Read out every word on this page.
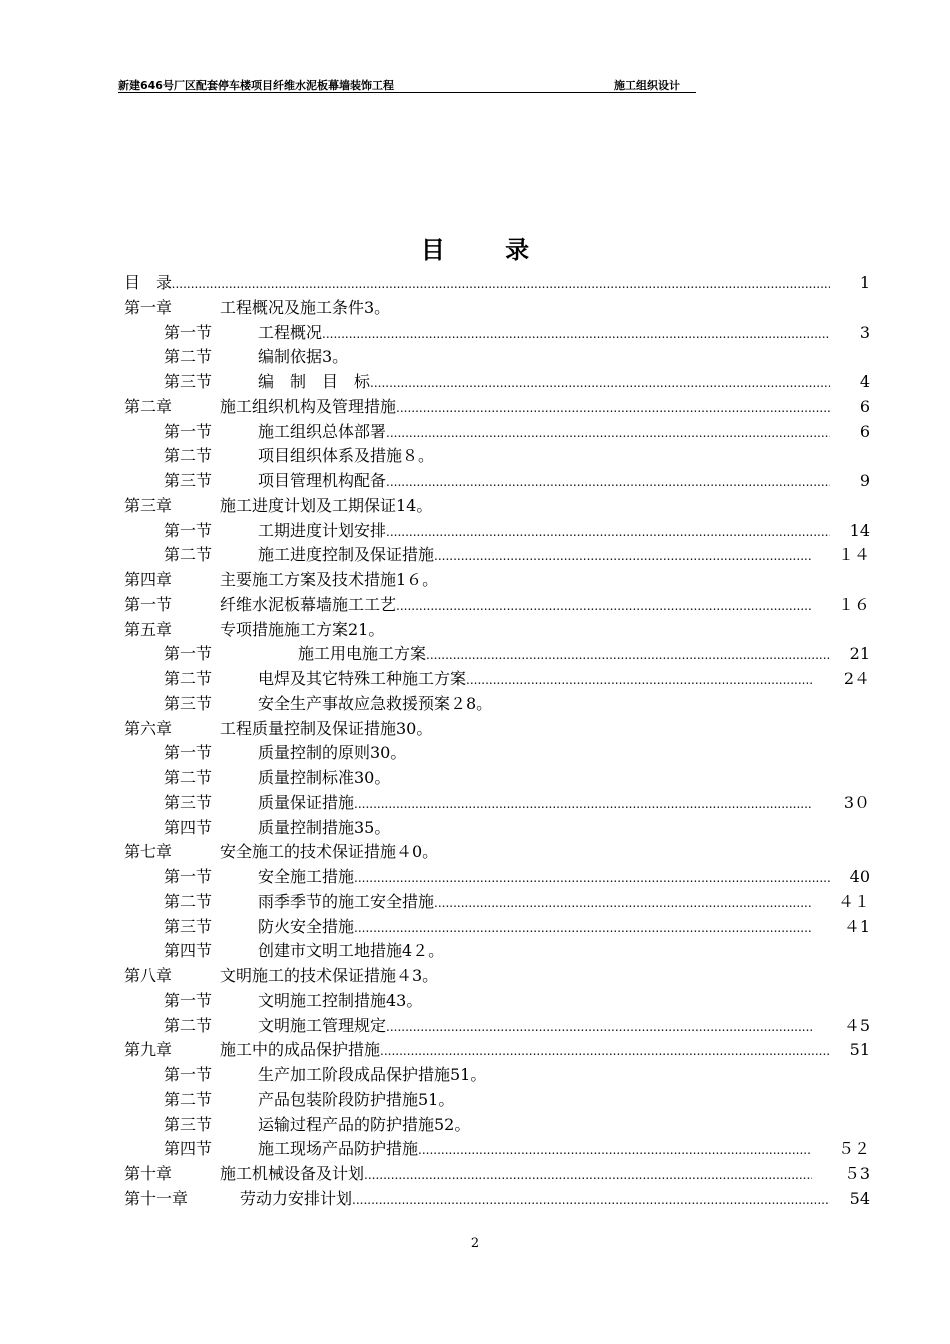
新建646号厂区配套停车楼项目纤维水泥板幕墙装饰工程	施工组织设计
目 录
目　录	1
.....
第一章	工程概况及施工条件3。
第一节	工程概况	3
.....
第二节	编制依据3。
第三节	编　制　目　标	4
.....
第二章	施工组织机构及管理措施	6
.....
第一节	施工组织总体部署	6
.....
第二节	项目组织体系及措施８。
第三节	项目管理机构配备	9
.....
第三章	施工进度计划及工期保证14。
第一节	工期进度计划安排	14
.....
第二节	施工进度控制及保证措施	１４
.....
第四章	主要施工方案及技术措施1６。
第一节	纤维水泥板幕墙施工工艺	１６
.....
第五章	专项措施施工方案21。
第一节	施工用电施工方案	21
.....
第二节	电焊及其它特殊工种施工方案	2４
.....
第三节	安全生产事故应急救援预案２8。
第六章	工程质量控制及保证措施30。
第一节	质量控制的原则30。
第二节	质量控制标准30。
第三节	质量保证措施	3０
.....
第四节	质量控制措施35。
第七章	安全施工的技术保证措施４0。
第一节	安全施工措施	40
.....
第二节	雨季季节的施工安全措施	４１
.....
第三节	防火安全措施	４1
.....
第四节	创建市文明工地措施4２。
第八章	文明施工的技术保证措施４3。
第一节	文明施工控制措施43。
第二节	文明施工管理规定	４5
.....
第九章	施工中的成品保护措施	51
.....
第一节	生产加工阶段成品保护措施51。
第二节	产品包装阶段防护措施51。
第三节	运输过程产品的防护措施52。
第四节	施工现场产品防护措施	５２
.....
第十章	施工机械设备及计划	５3
.....
第十一章	劳动力安排计划	54
.....
2
